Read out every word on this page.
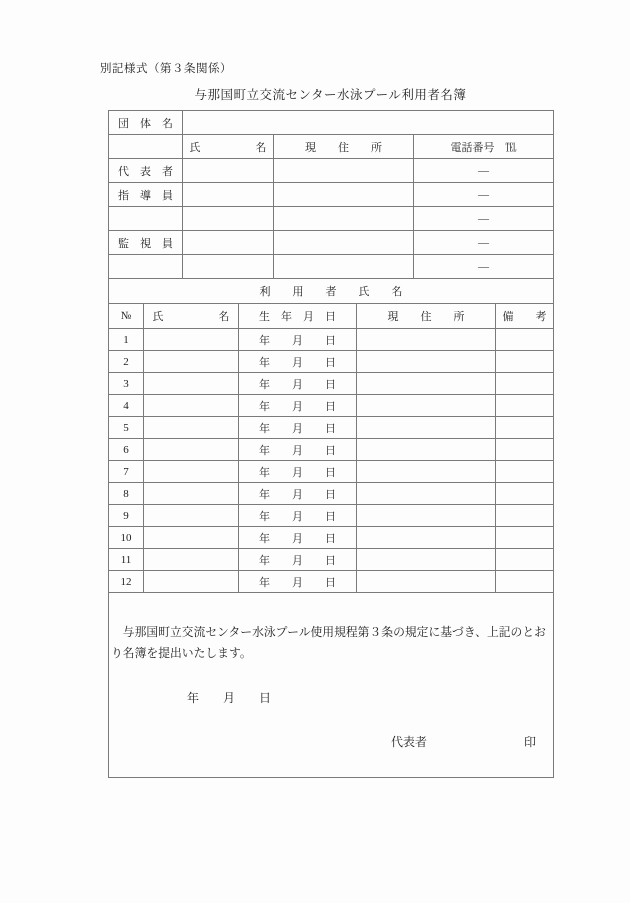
別記様式（第３条関係）
与那国町立交流センター水泳プール利用者名簿
団　体　名							
		氏　　　　　名		現　　住　　所		電話番号　℡	
代　表　者						—	
指　導　員						—	
						—	
監　視　員						—	
						—	
利　　用　　者　　氏　　名							
№	氏　　　　　名		生　年　月　日		現　　住　　所		備　　考
1			年　　月　　日				
2			年　　月　　日				
3			年　　月　　日				
4			年　　月　　日				
5			年　　月　　日				
6			年　　月　　日				
7			年　　月　　日				
8			年　　月　　日				
9			年　　月　　日				
10			年　　月　　日				
11			年　　月　　日				
12			年　　月　　日				

　与那国町立交流センター水泳プール使用規程第３条の規定に基づき、上記のとおり名簿を提出いたします。

年　　月　　日

代表者

印							
